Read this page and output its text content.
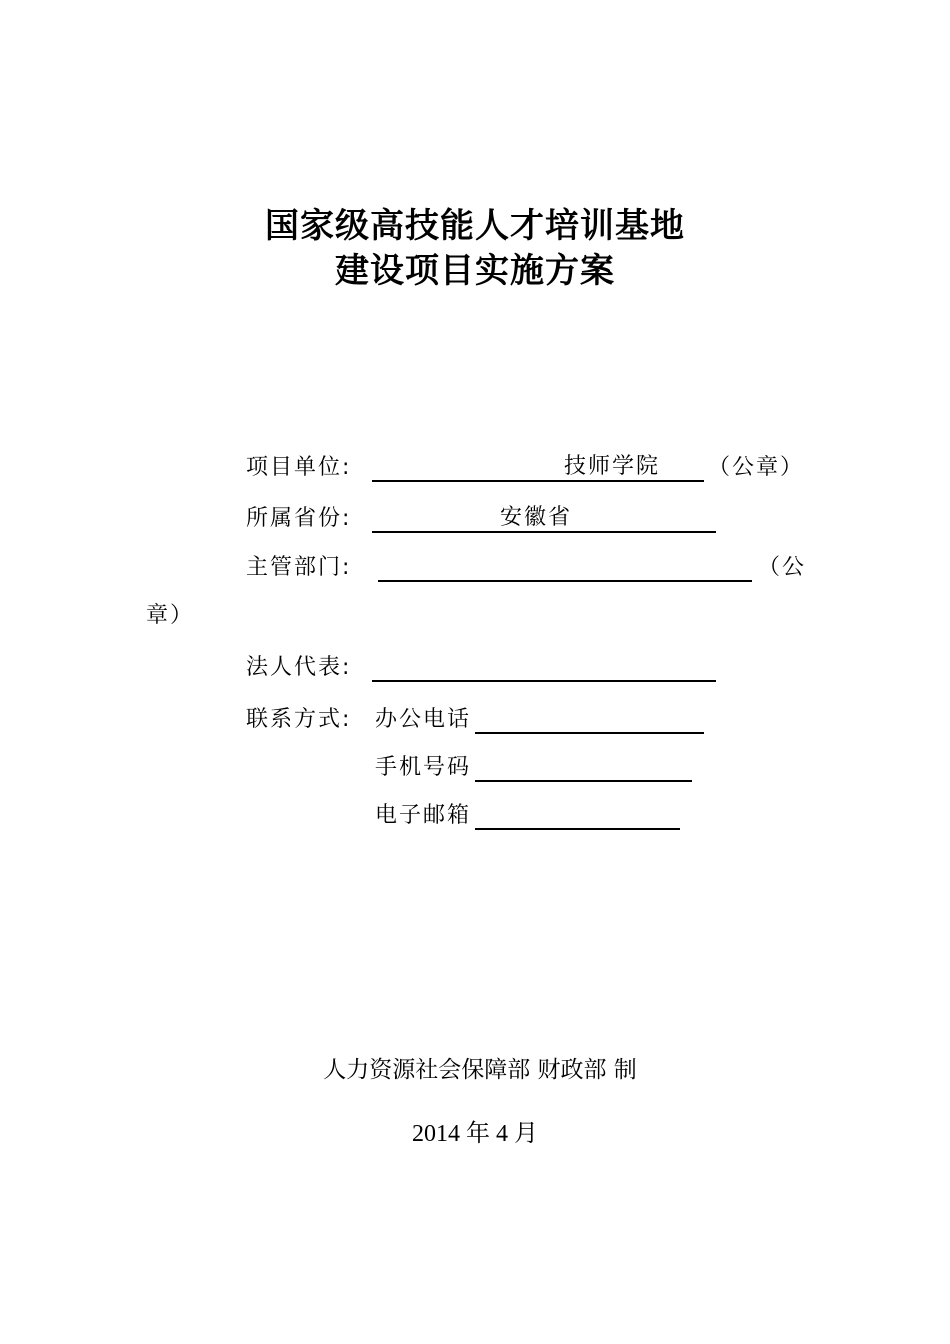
国家级高技能人才培训基地
建设项目实施方案
项目单位:	技师学院 （公章）
所属省份:	安徽省
主管部门:	（公
章）
法人代表:
联系方式: 办公电话
手机号码
电子邮箱
人力资源社会保障部 财政部 制
2014 年 4 月
